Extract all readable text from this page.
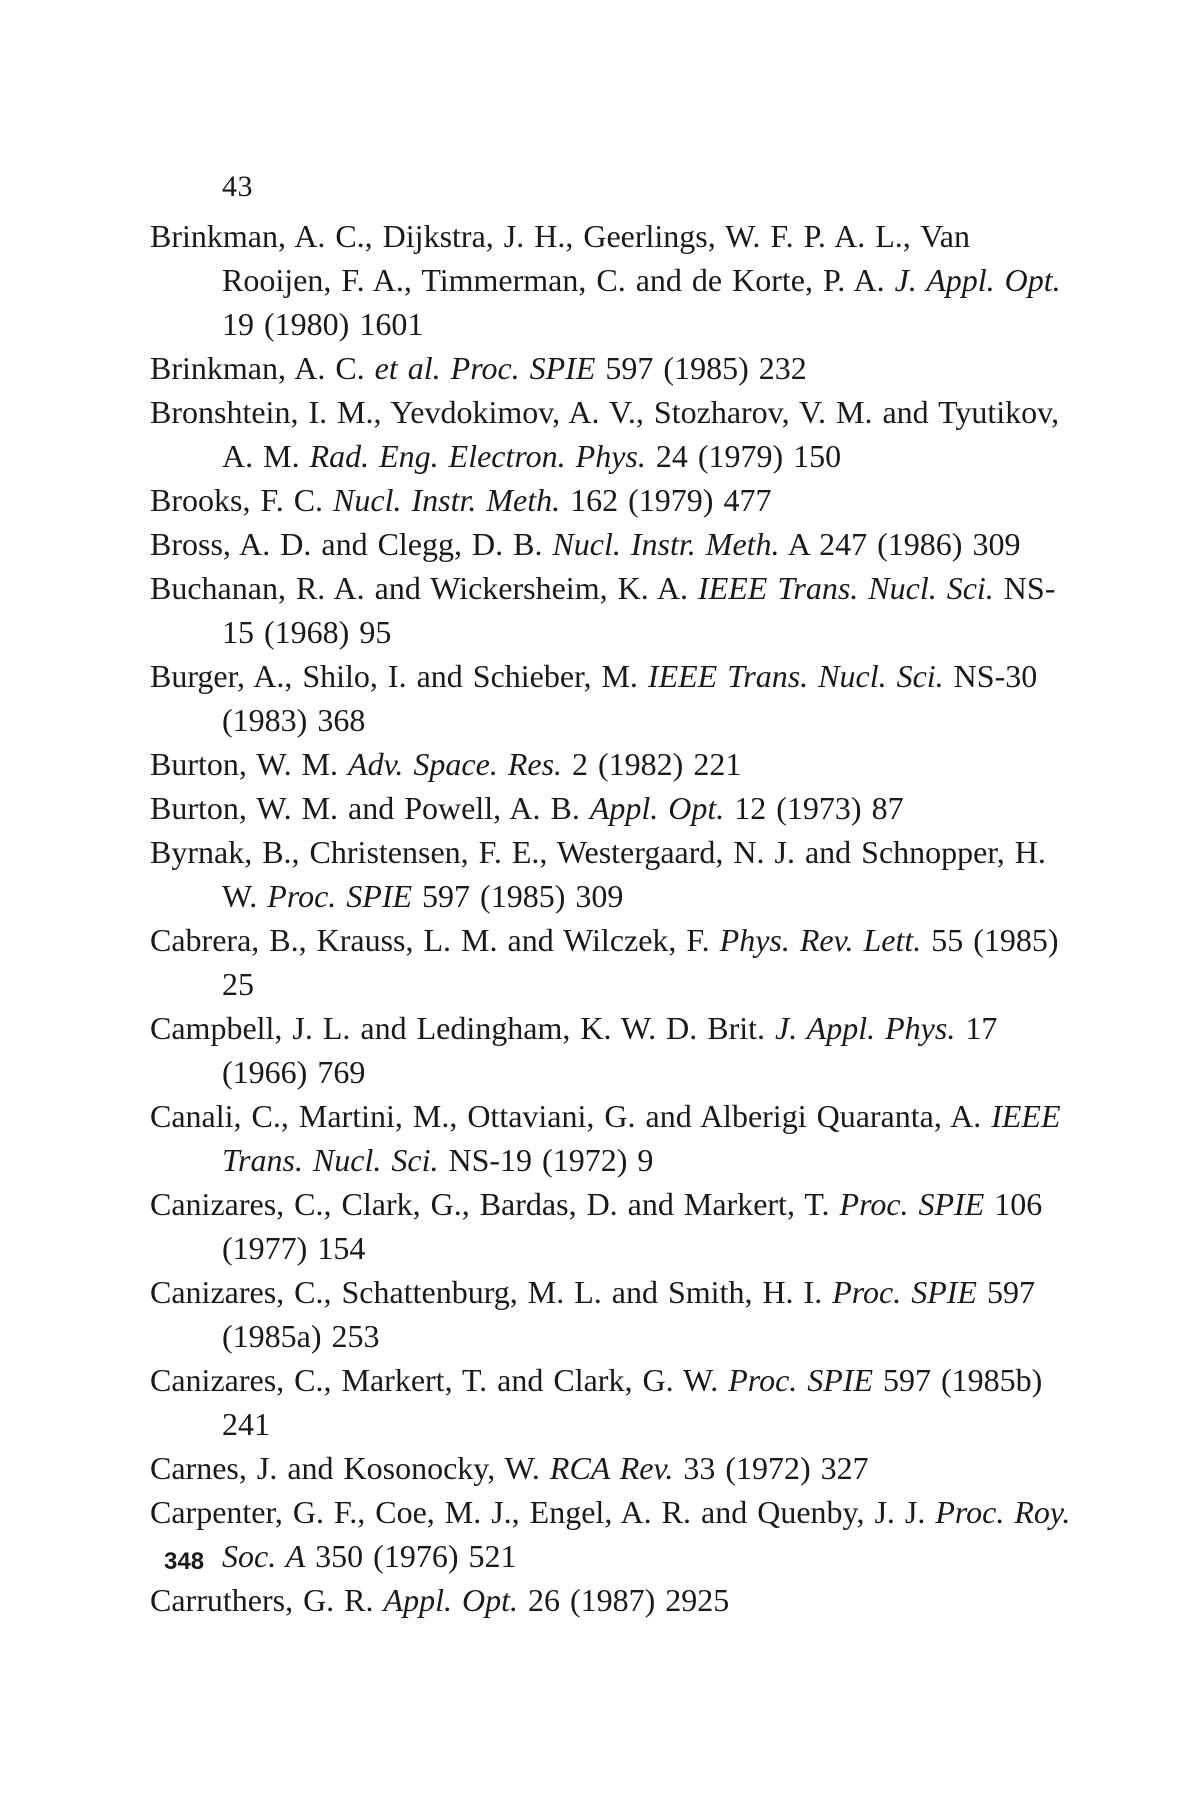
43
Brinkman, A. C., Dijkstra, J. H., Geerlings, W. F. P. A. L., Van Rooijen, F. A., Timmerman, C. and de Korte, P. A. J. Appl. Opt. 19 (1980) 1601
Brinkman, A. C. et al. Proc. SPIE 597 (1985) 232
Bronshtein, I. M., Yevdokimov, A. V., Stozharov, V. M. and Tyutikov, A. M. Rad. Eng. Electron. Phys. 24 (1979) 150
Brooks, F. C. Nucl. Instr. Meth. 162 (1979) 477
Bross, A. D. and Clegg, D. B. Nucl. Instr. Meth. A 247 (1986) 309
Buchanan, R. A. and Wickersheim, K. A. IEEE Trans. Nucl. Sci. NS-15 (1968) 95
Burger, A., Shilo, I. and Schieber, M. IEEE Trans. Nucl. Sci. NS-30 (1983) 368
Burton, W. M. Adv. Space. Res. 2 (1982) 221
Burton, W. M. and Powell, A. B. Appl. Opt. 12 (1973) 87
Byrnak, B., Christensen, F. E., Westergaard, N. J. and Schnopper, H. W. Proc. SPIE 597 (1985) 309
Cabrera, B., Krauss, L. M. and Wilczek, F. Phys. Rev. Lett. 55 (1985) 25
Campbell, J. L. and Ledingham, K. W. D. Brit. J. Appl. Phys. 17 (1966) 769
Canali, C., Martini, M., Ottaviani, G. and Alberigi Quaranta, A. IEEE Trans. Nucl. Sci. NS-19 (1972) 9
Canizares, C., Clark, G., Bardas, D. and Markert, T. Proc. SPIE 106 (1977) 154
Canizares, C., Schattenburg, M. L. and Smith, H. I. Proc. SPIE 597 (1985a) 253
Canizares, C., Markert, T. and Clark, G. W. Proc. SPIE 597 (1985b) 241
Carnes, J. and Kosonocky, W. RCA Rev. 33 (1972) 327
Carpenter, G. F., Coe, M. J., Engel, A. R. and Quenby, J. J. Proc. Roy. Soc. A 350 (1976) 521
Carruthers, G. R. Appl. Opt. 26 (1987) 2925
348
